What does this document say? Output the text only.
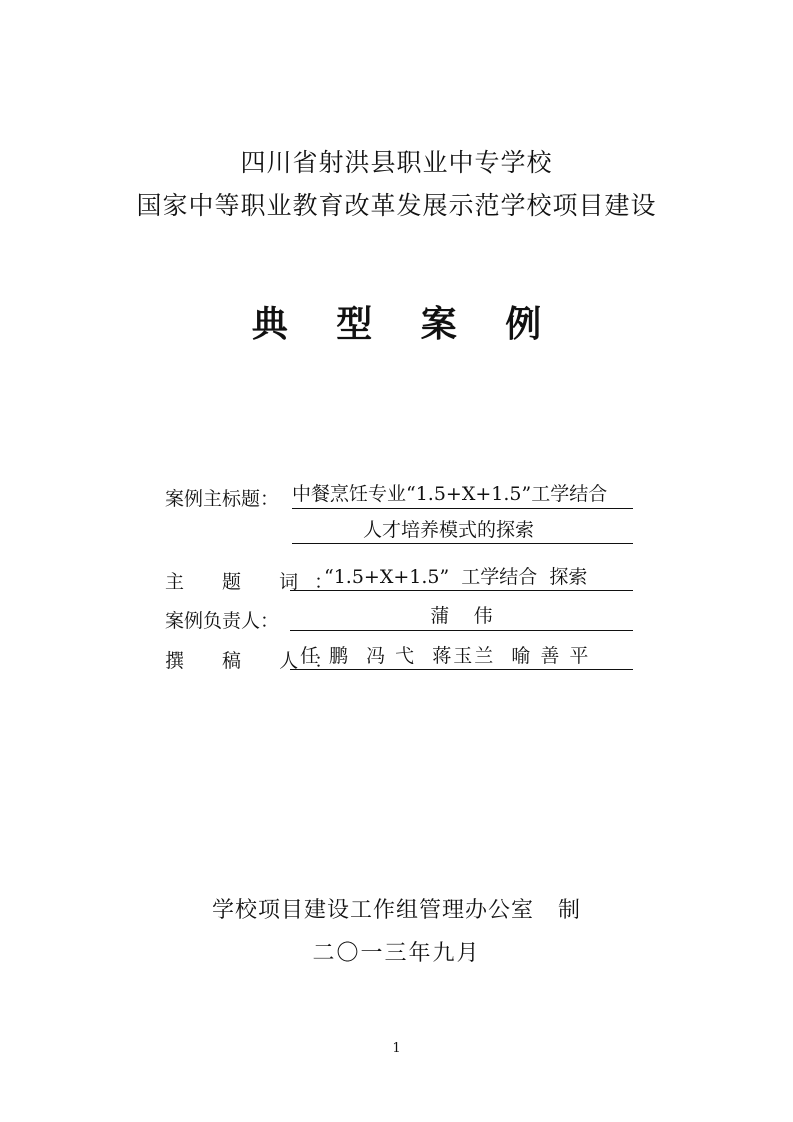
四川省射洪县职业中专学校
国家中等职业教育改革发展示范学校项目建设
典 型 案 例
案例主标题： 中餐烹饪专业“1.5+X+1.5”工学结合
人才培养模式的探索
主 题 词：
“1.5+X+1.5”  工学结合  探索
案例负责人：	蒲    伟
撰 稿 人：
任 鹏  冯 弋  蒋玉兰  喻 善 平
学校项目建设工作组管理办公室   制
二〇一三年九月
1
